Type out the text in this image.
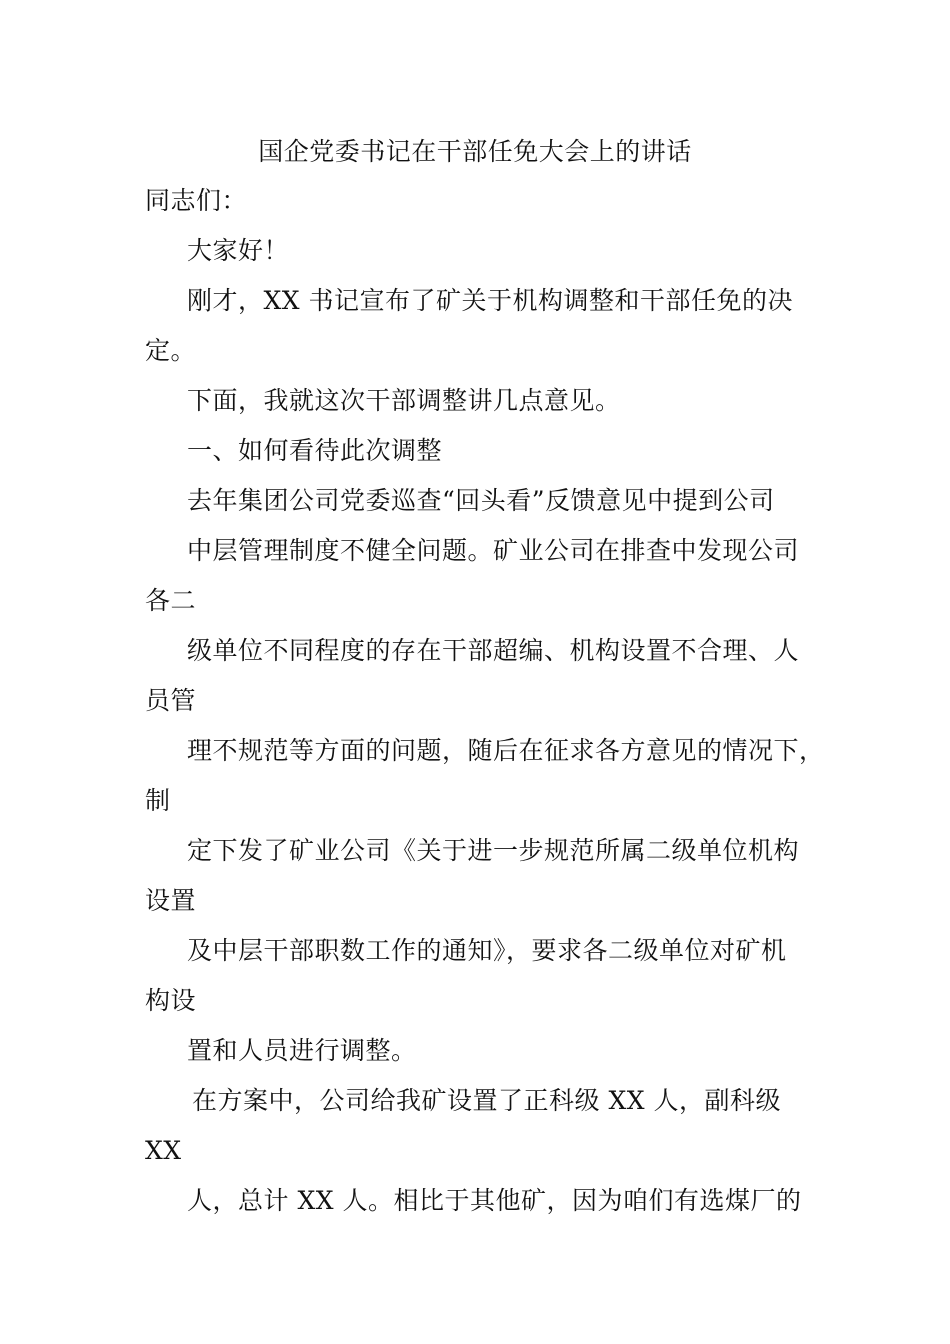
国企党委书记在干部任免大会上的讲话
同志们：
大家好！
刚才，XX 书记宣布了矿关于机构调整和干部任免的决
定。
下面，我就这次干部调整讲几点意见。
一、如何看待此次调整
去年集团公司党委巡查“回头看”反馈意见中提到公司
中层管理制度不健全问题。矿业公司在排查中发现公司
各二
级单位不同程度的存在干部超编、机构设置不合理、人
员管
理不规范等方面的问题，随后在征求各方意见的情况下，
制
定下发了矿业公司《关于进一步规范所属二级单位机构
设置
及中层干部职数工作的通知》，要求各二级单位对矿机
构设
置和人员进行调整。
在方案中，公司给我矿设置了正科级 XX 人，副科级
XX
人，总计 XX 人。相比于其他矿，因为咱们有选煤厂的
